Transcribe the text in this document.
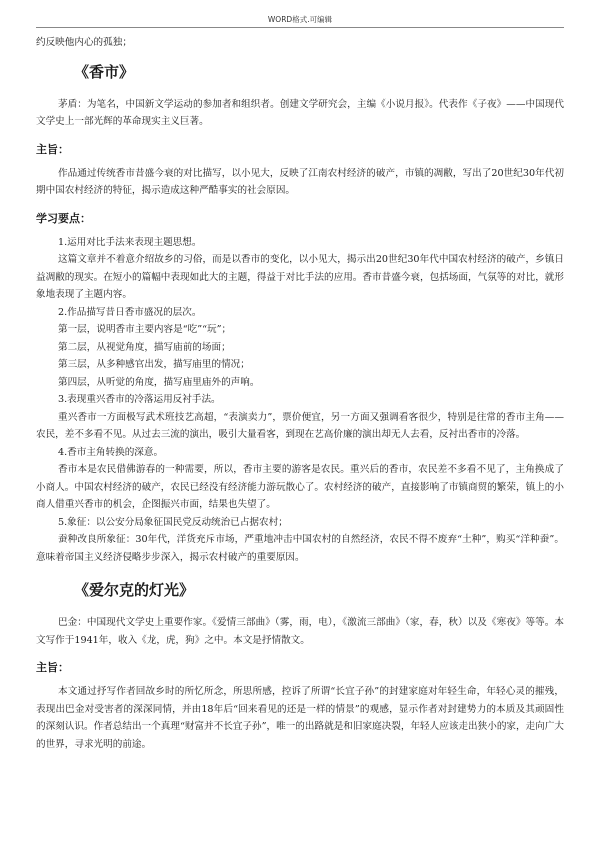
WORD格式.可编辑

约反映他内心的孤独；

《香市》

茅盾：为笔名，中国新文学运动的参加者和组织者。创建文学研究会，主编《小说月报》。代表作《子夜》——中国现代文学史上一部光辉的革命现实主义巨著。

主旨：

作品通过传统香市昔盛今衰的对比描写，以小见大，反映了江南农村经济的破产，市镇的凋敝，写出了20世纪30年代初期中国农村经济的特征，揭示造成这种严酷事实的社会原因。

学习要点：

1.运用对比手法来表现主题思想。

这篇文章并不着意介绍故乡的习俗，而是以香市的变化，以小见大，揭示出20世纪30年代中国农村经济的破产，乡镇日益凋敝的现实。在短小的篇幅中表现如此大的主题，得益于对比手法的应用。香市昔盛今衰，包括场面，气氛等的对比，就形象地表现了主题内容。

2.作品描写昔日香市盛况的层次。

第一层，说明香市主要内容是“吃”“玩”；

第二层，从视觉角度，描写庙前的场面；

第三层，从多种感官出发，描写庙里的情况；

第四层，从听觉的角度，描写庙里庙外的声响。

3.表现重兴香市的冷落运用反衬手法。

重兴香市一方面极写武术班技艺高超，“表演卖力”，票价便宜，另一方面又强调看客很少，特别是往常的香市主角——农民，差不多看不见。从过去三流的演出，吸引大量看客，到现在艺高价廉的演出却无人去看，反衬出香市的冷落。

4.香市主角转换的深意。

香市本是农民借佛游春的一种需要，所以，香市主要的游客是农民。重兴后的香市，农民差不多看不见了，主角换成了小商人。中国农村经济的破产，农民已经没有经济能力游玩散心了。农村经济的破产，直接影响了市镇商贸的繁荣，镇上的小商人借重兴香市的机会，企图振兴市面，结果也失望了。

5.象征：以公安分局象征国民党反动统治已占据农村；

蚕种改良所象征：30年代，洋货充斥市场，严重地冲击中国农村的自然经济，农民不得不废弃“土种”，购买“洋种蚕”。意味着帝国主义经济侵略步步深入，揭示农村破产的重要原因。

《爱尔克的灯光》

巴金：中国现代文学史上重要作家。《爱情三部曲》（雾，雨，电），《激流三部曲》（家，春，秋）以及《寒夜》等等。本文写作于1941年，收入《龙，虎，狗》之中。本文是抒情散文。

主旨：

本文通过抒写作者回故乡时的所忆所念，所思所感，控诉了所谓“长宜子孙”的封建家庭对年轻生命，年轻心灵的摧残，表现出巴金对受害者的深深同情，并由18年后“回来看见的还是一样的情景”的观感，显示作者对封建势力的本质及其顽固性的深刻认识。作者总结出一个真理“财富并不长宜子孙”，唯一的出路就是和旧家庭决裂，年轻人应该走出狭小的家，走向广大的世界，寻求光明的前途。
